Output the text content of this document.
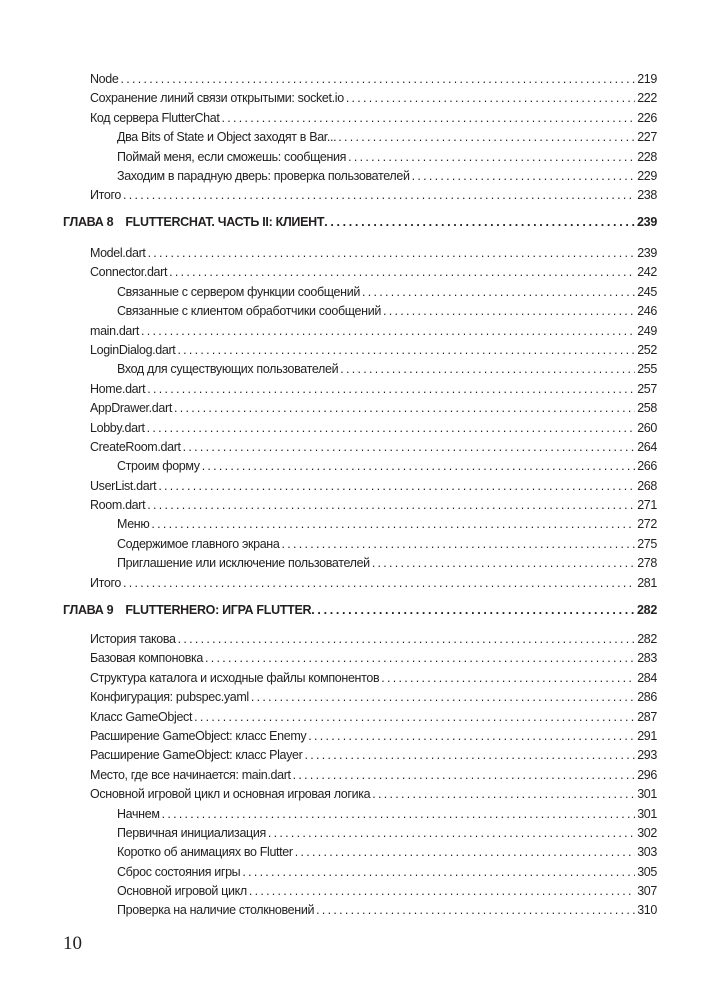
Node . . .	219
Сохранение линий связи открытыми: socket.io . . .	222
Код сервера FlutterChat . . .	226
Два Bits of State и Object заходят в Bar... . . .	227
Поймай меня, если сможешь: сообщения . . .	228
Заходим в парадную дверь: проверка пользователей . . .	229
Итого . . .	238
ГЛАВА 8 FLUTTERCHAT. ЧАСТЬ II: КЛИЕНТ . . .	239
Model.dart . . .	239
Connector.dart . . .	242
Связанные с сервером функции сообщений . . .	245
Связанные с клиентом обработчики сообщений . . .	246
main.dart . . .	249
LoginDialog.dart . . .	252
Вход для существующих пользователей . . .	255
Home.dart . . .	257
AppDrawer.dart . . .	258
Lobby.dart . . .	260
CreateRoom.dart . . .	264
Строим форму . . .	266
UserList.dart . . .	268
Room.dart . . .	271
Меню . . .	272
Содержимое главного экрана . . .	275
Приглашение или исключение пользователей . . .	278
Итого . . .	281
ГЛАВА 9 FLUTTERHERO: ИГРА FLUTTER . . .	282
История такова . . .	282
Базовая компоновка . . .	283
Структура каталога и исходные файлы компонентов . . .	284
Конфигурация: pubspec.yaml . . .	286
Класс GameObject . . .	287
Расширение GameObject: класс Enemy . . .	291
Расширение GameObject: класс Player . . .	293
Место, где все начинается: main.dart . . .	296
Основной игровой цикл и основная игровая логика . . .	301
Начнем . . .	301
Первичная инициализация . . .	302
Коротко об анимациях во Flutter . . .	303
Сброс состояния игры . . .	305
Основной игровой цикл . . .	307
Проверка на наличие столкновений . . .	310
10
